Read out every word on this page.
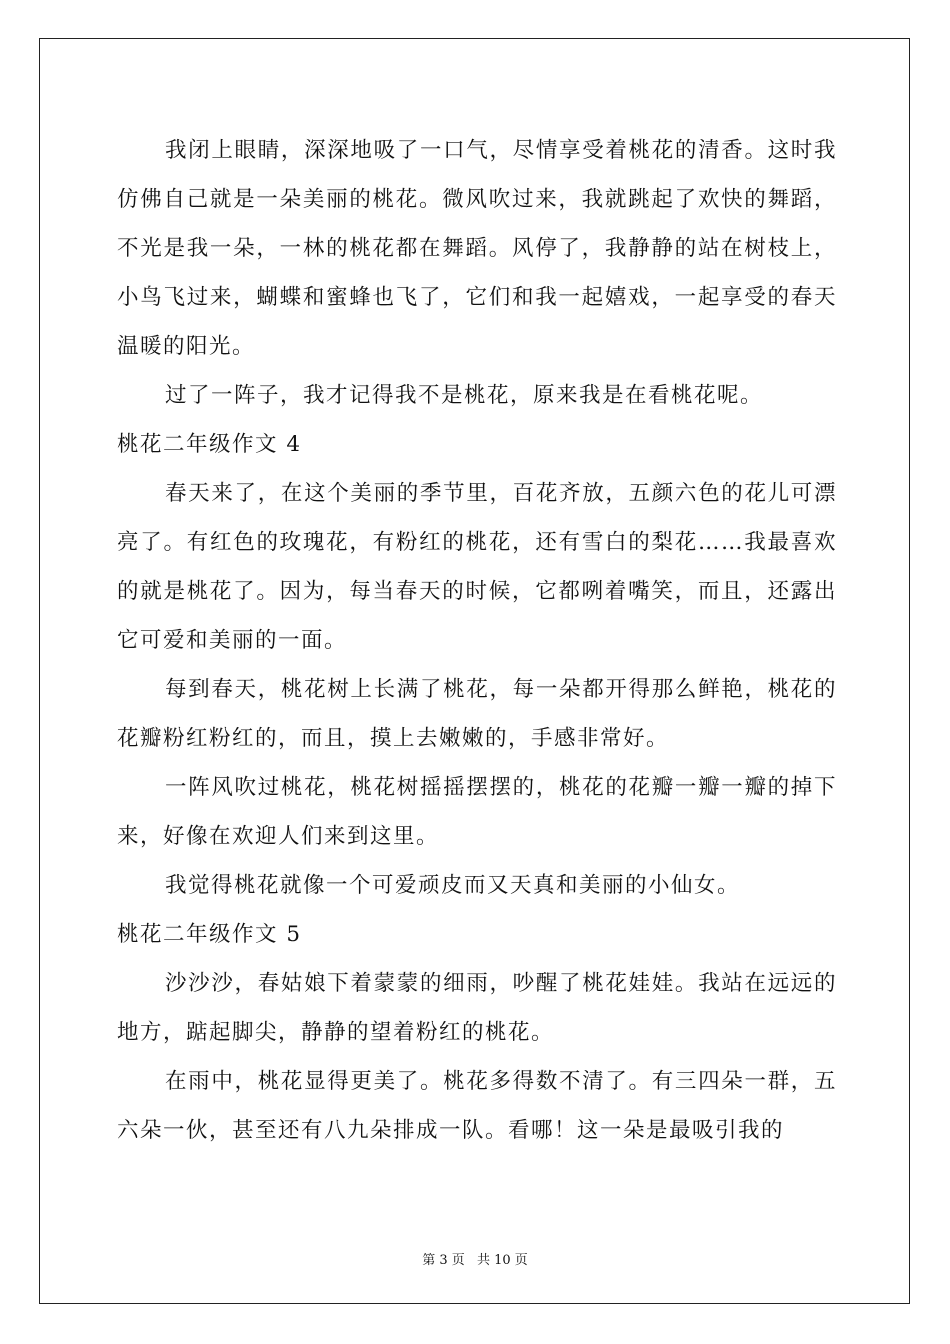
我闭上眼睛，深深地吸了一口气，尽情享受着桃花的清香。这时我仿佛自己就是一朵美丽的桃花。微风吹过来，我就跳起了欢快的舞蹈，不光是我一朵，一林的桃花都在舞蹈。风停了，我静静的站在树枝上，小鸟飞过来，蝴蝶和蜜蜂也飞了，它们和我一起嬉戏，一起享受的春天温暖的阳光。

过了一阵子，我才记得我不是桃花，原来我是在看桃花呢。

桃花二年级作文 4

春天来了，在这个美丽的季节里，百花齐放，五颜六色的花儿可漂亮了。有红色的玫瑰花，有粉红的桃花，还有雪白的梨花……我最喜欢的就是桃花了。因为，每当春天的时候，它都咧着嘴笑，而且，还露出它可爱和美丽的一面。

每到春天，桃花树上长满了桃花，每一朵都开得那么鲜艳，桃花的花瓣粉红粉红的，而且，摸上去嫩嫩的，手感非常好。

一阵风吹过桃花，桃花树摇摇摆摆的，桃花的花瓣一瓣一瓣的掉下来，好像在欢迎人们来到这里。

我觉得桃花就像一个可爱顽皮而又天真和美丽的小仙女。

桃花二年级作文 5

沙沙沙，春姑娘下着蒙蒙的细雨，吵醒了桃花娃娃。我站在远远的地方，踮起脚尖，静静的望着粉红的桃花。

在雨中，桃花显得更美了。桃花多得数不清了。有三四朵一群，五六朵一伙，甚至还有八九朵排成一队。看哪！这一朵是最吸引我的

第 3 页 共 10 页
